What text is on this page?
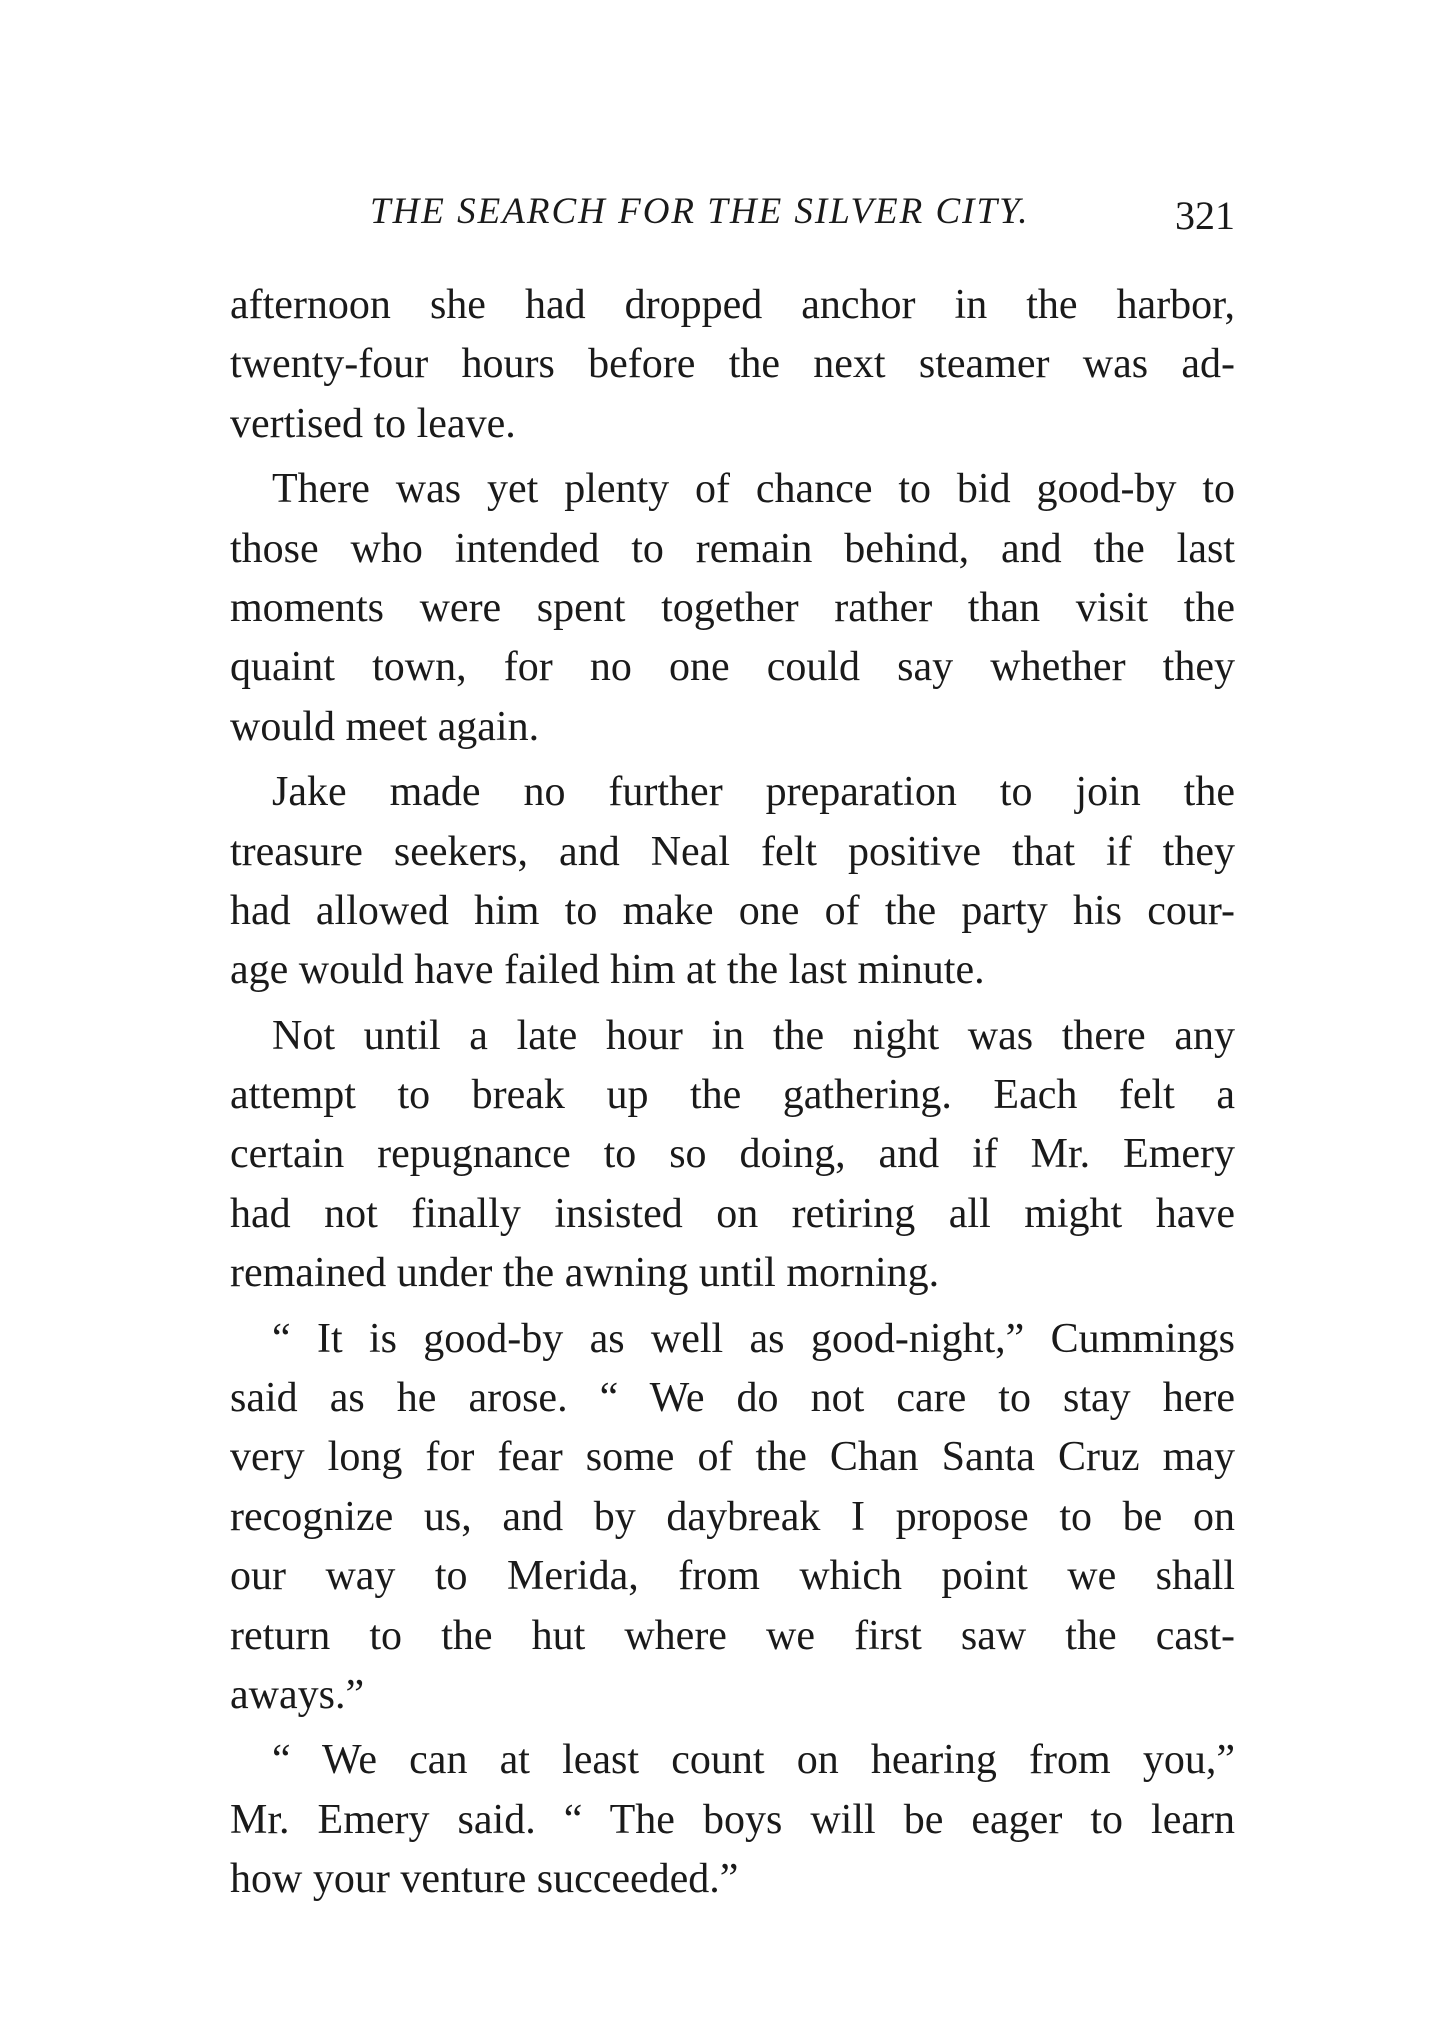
THE SEARCH FOR THE SILVER CITY.	321
afternoon she had dropped anchor in the harbor,
twenty-four hours before the next steamer was ad-
vertised to leave.
There was yet plenty of chance to bid good-by to
those who intended to remain behind, and the last
moments were spent together rather than visit the
quaint town, for no one could say whether they
would meet again.
Jake made no further preparation to join the
treasure seekers, and Neal felt positive that if they
had allowed him to make one of the party his cour-
age would have failed him at the last minute.
Not until a late hour in the night was there any
attempt to break up the gathering. Each felt a
certain repugnance to so doing, and if Mr. Emery
had not finally insisted on retiring all might have
remained under the awning until morning.
“ It is good-by as well as good-night,” Cummings
said as he arose. “ We do not care to stay here
very long for fear some of the Chan Santa Cruz may
recognize us, and by daybreak I propose to be on
our way to Merida, from which point we shall
return to the hut where we first saw the cast-
aways.”
“ We can at least count on hearing from you,”
Mr. Emery said. “ The boys will be eager to learn
how your venture succeeded.”
